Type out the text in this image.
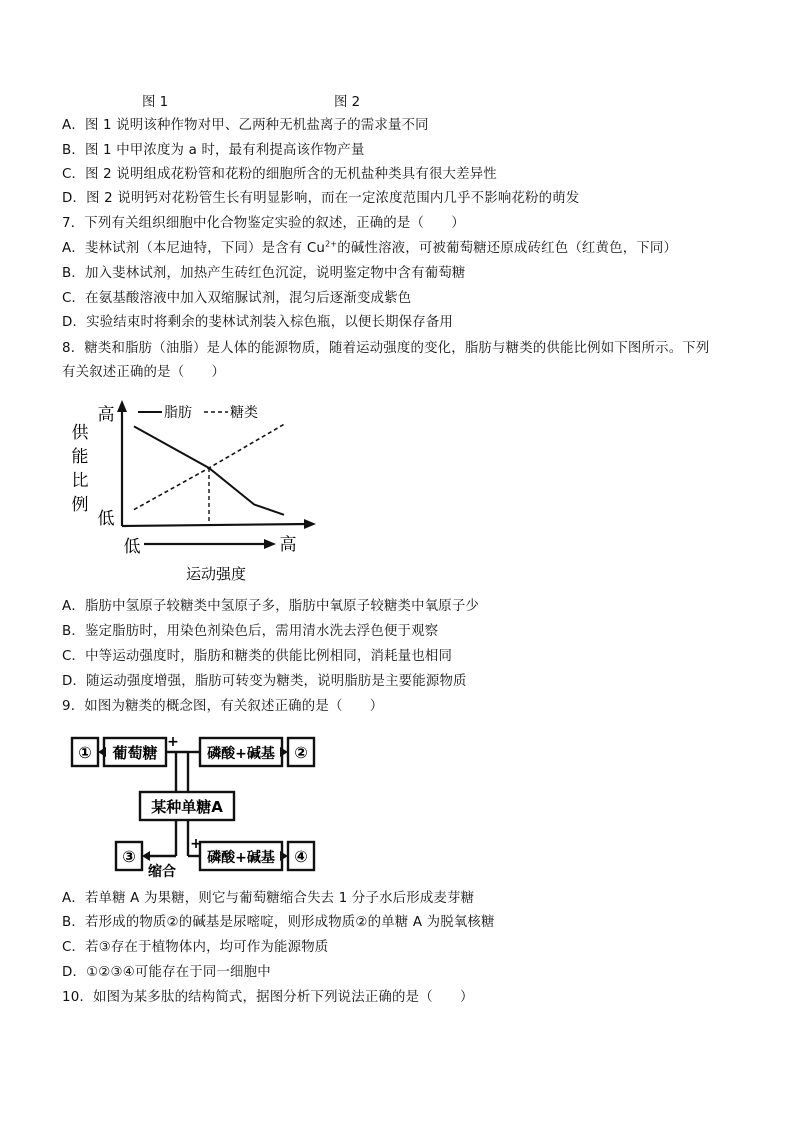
图 1	图 2
A．图 1 说明该种作物对甲、乙两种无机盐离子的需求量不同
B．图 1 中甲浓度为 a 时，最有利提高该作物产量
C．图 2 说明组成花粉管和花粉的细胞所含的无机盐种类具有很大差异性
D．图 2 说明钙对花粉管生长有明显影响，而在一定浓度范围内几乎不影响花粉的萌发
7．下列有关组织细胞中化合物鉴定实验的叙述，正确的是（　　）
A．斐林试剂（本尼迪特，下同）是含有 $Cu^{2+}$的碱性溶液，可被葡萄糖还原成砖红色（红黄色，下同）
B．加入斐林试剂，加热产生砖红色沉淀，说明鉴定物中含有葡萄糖
C．在氨基酸溶液中加入双缩脲试剂，混匀后逐渐变成紫色
D．实验结束时将剩余的斐林试剂装入棕色瓶，以便长期保存备用
8．糖类和脂肪（油脂）是人体的能源物质，随着运动强度的变化，脂肪与糖类的供能比例如下图所示。下列
有关叙述正确的是（　　）
供
能
比
例
高
低
脂肪	糖类
低	高
运动强度
A．脂肪中氢原子较糖类中氢原子多，脂肪中氧原子较糖类中氧原子少
B．鉴定脂肪时，用染色剂染色后，需用清水洗去浮色便于观察
C．中等运动强度时，脂肪和糖类的供能比例相同，消耗量也相同
D．随运动强度增强，脂肪可转变为糖类，说明脂肪是主要能源物质
9．如图为糖类的概念图，有关叙述正确的是（　　）
① 葡萄糖
+
磷酸+碱基 ②
某种单糖A
③
缩合
+
磷酸+碱基 ④
A．若单糖 A 为果糖，则它与葡萄糖缩合失去 1 分子水后形成麦芽糖
B．若形成的物质②的碱基是尿嘧啶，则形成物质②的单糖 A 为脱氧核糖
C．若③存在于植物体内，均可作为能源物质
D．①②③④可能存在于同一细胞中
10．如图为某多肽的结构简式，据图分析下列说法正确的是（　　）
